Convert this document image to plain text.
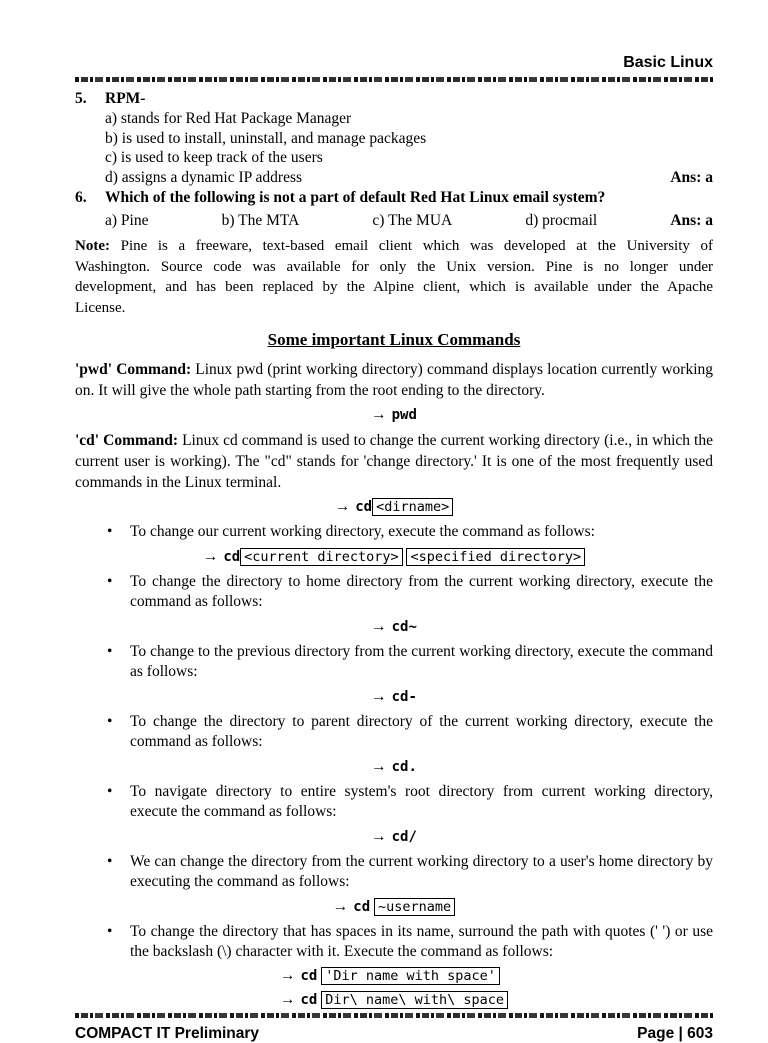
Basic Linux
5.	RPM-
a) stands for Red Hat Package Manager
b) is used to install, uninstall, and manage packages
c) is used to keep track of the users
d) assigns a dynamic IP address	Ans: a
6.	Which of the following is not a part of default Red Hat Linux email system?
a) Pine	b) The MTA	c) The MUA	d) procmail	Ans: a

Note: Pine is a freeware, text-based email client which was developed at the University of Washington. Source code was available for only the Unix version. Pine is no longer under development, and has been replaced by the Alpine client, which is available under the Apache License.

Some important Linux Commands

'pwd' Command: Linux pwd (print working directory) command displays location currently working on. It will give the whole path starting from the root ending to the directory.

→ pwd

'cd' Command: Linux cd command is used to change the current working directory (i.e., in which the current user is working). The "cd" stands for 'change directory.' It is one of the most frequently used commands in the Linux terminal.

→ cd <dirname>
• To change our current working directory, execute the command as follows:
→ cd <current directory> <specified directory>
• To change the directory to home directory from the current working directory, execute the command as follows:
→ cd~
• To change to the previous directory from the current working directory, execute the command as follows:
→ cd-
• To change the directory to parent directory of the current working directory, execute the command as follows:
→ cd.
• To navigate directory to entire system's root directory from current working directory, execute the command as follows:
→ cd/
• We can change the directory from the current working directory to a user's home directory by executing the command as follows:
→ cd ~username
• To change the directory that has spaces in its name, surround the path with quotes (' ') or use the backslash (\) character with it. Execute the command as follows:
→ cd 'Dir name with space'
→ cd Dir\ name\ with\ space
COMPACT IT Preliminary	Page | 603
